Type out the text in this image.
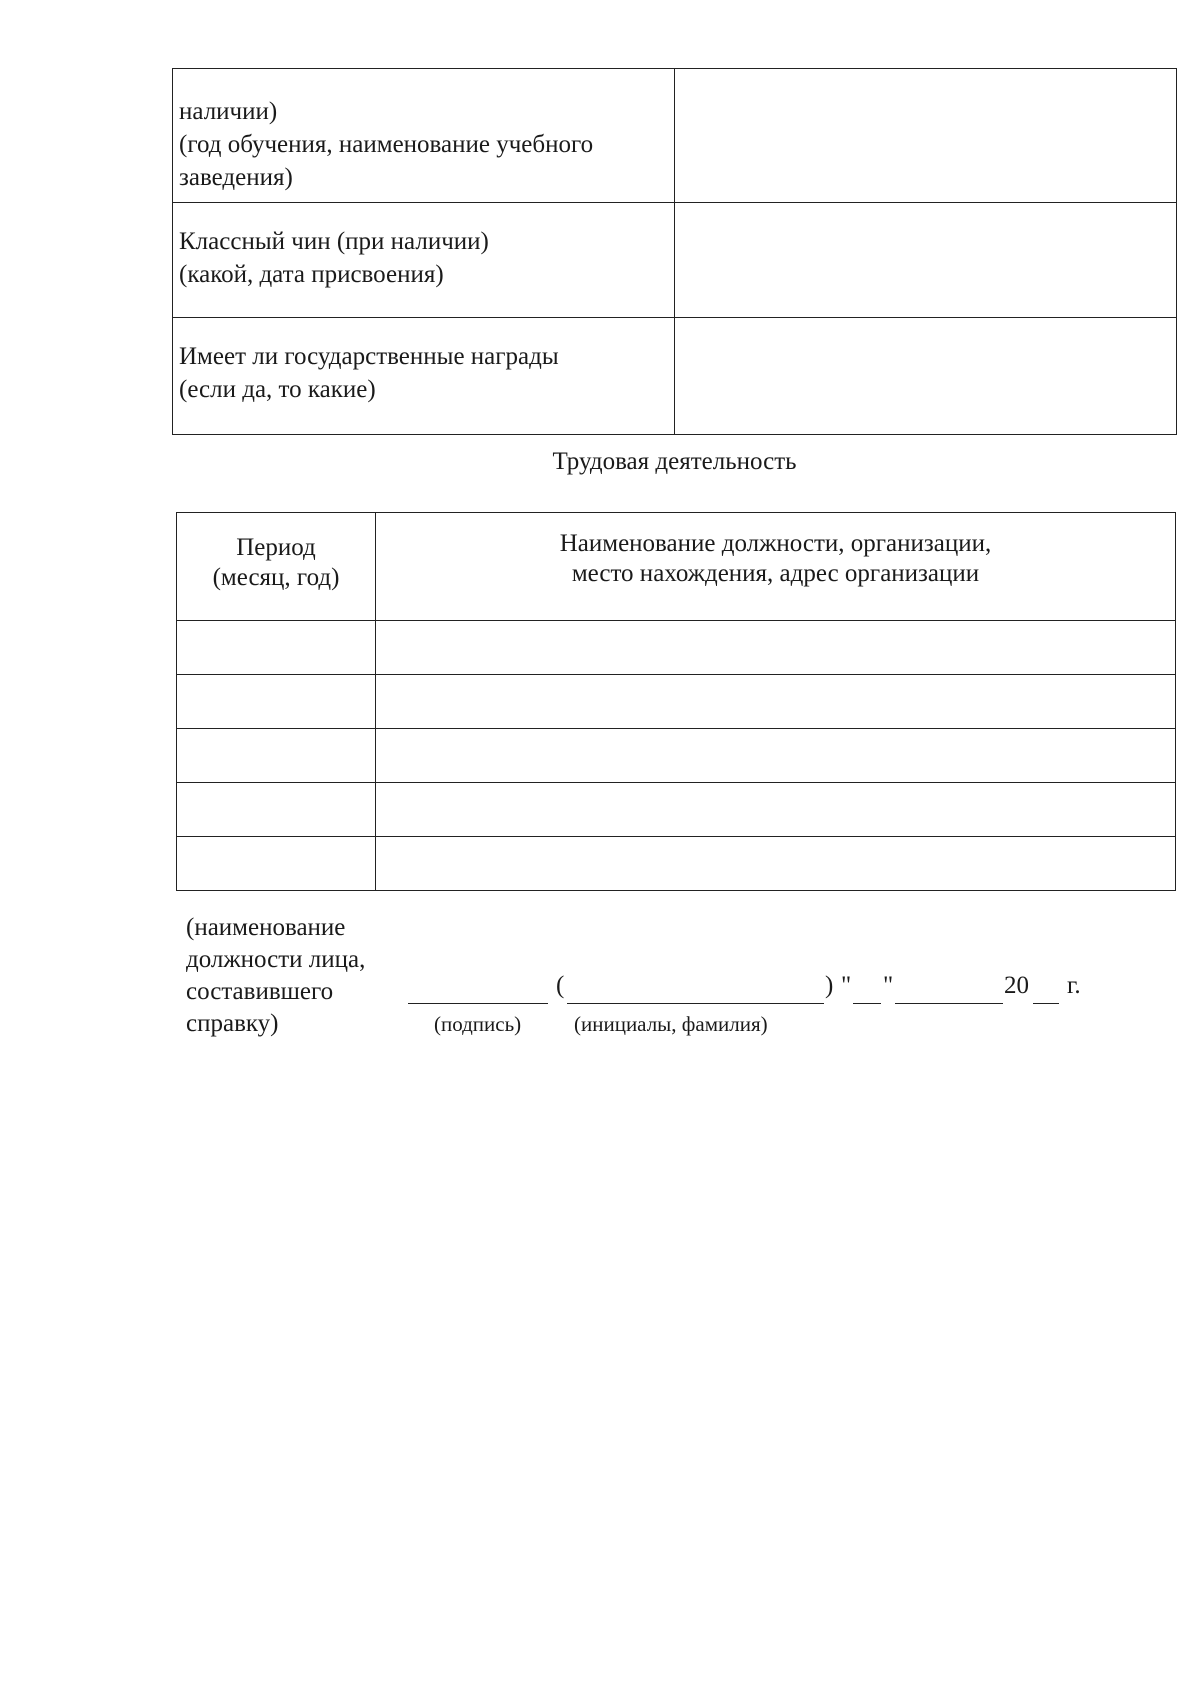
наличии)
(год обучения, наименование учебного
заведения)	

Классный чин (при наличии)
(какой, дата присвоения)	

Имеет ли государственные награды
(если да, то какие)	

Трудовая деятельность
Период
(месяц, год)	Наименование должности, организации,
место нахождения, адрес организации

(наименование
должности лица,
составившего
справку)
(	) " "	20 г.
(подпись)	(инициалы, фамилия)
